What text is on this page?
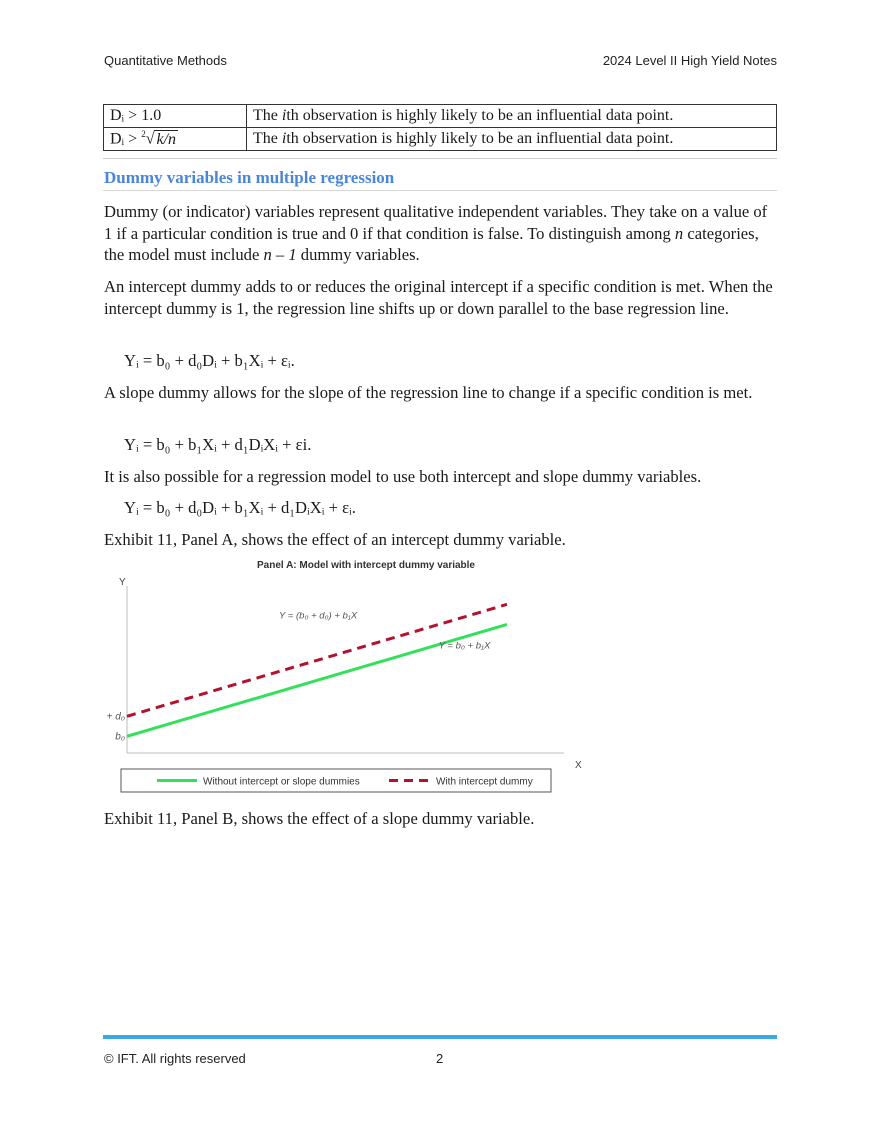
Quantitative Methods	2024 Level II High Yield Notes
Dᵢ > 1.0	The ith observation is highly likely to be an influential data point.
Dᵢ > $^2$√ k/n	The ith observation is highly likely to be an influential data point.
Dummy variables in multiple regression

Dummy (or indicator) variables represent qualitative independent variables. They take on a value of 1 if a particular condition is true and 0 if that condition is false. To distinguish among n categories, the model must include n – 1 dummy variables.

An intercept dummy adds to or reduces the original intercept if a specific condition is met. When the intercept dummy is 1, the regression line shifts up or down parallel to the base regression line.

Yᵢ = b₀ + d₀Dᵢ + b₁Xᵢ + εᵢ.

A slope dummy allows for the slope of the regression line to change if a specific condition is met.

Yᵢ = b₀ + b₁Xᵢ + d₁DᵢXᵢ + εi.

It is also possible for a regression model to use both intercept and slope dummy variables.

Yᵢ = b₀ + d₀Dᵢ + b₁Xᵢ + d₁DᵢXᵢ + εᵢ.

Exhibit 11, Panel A, shows the effect of an intercept dummy variable.

Panel A: Model with intercept dummy variable
Y
X
Y = (b₀ + d₀) + b₁X
Y = b₀ + b₁X
b₀
+ d₀
Without intercept or slope dummies	With intercept dummy

Exhibit 11, Panel B, shows the effect of a slope dummy variable.

© IFT. All rights reserved	2
